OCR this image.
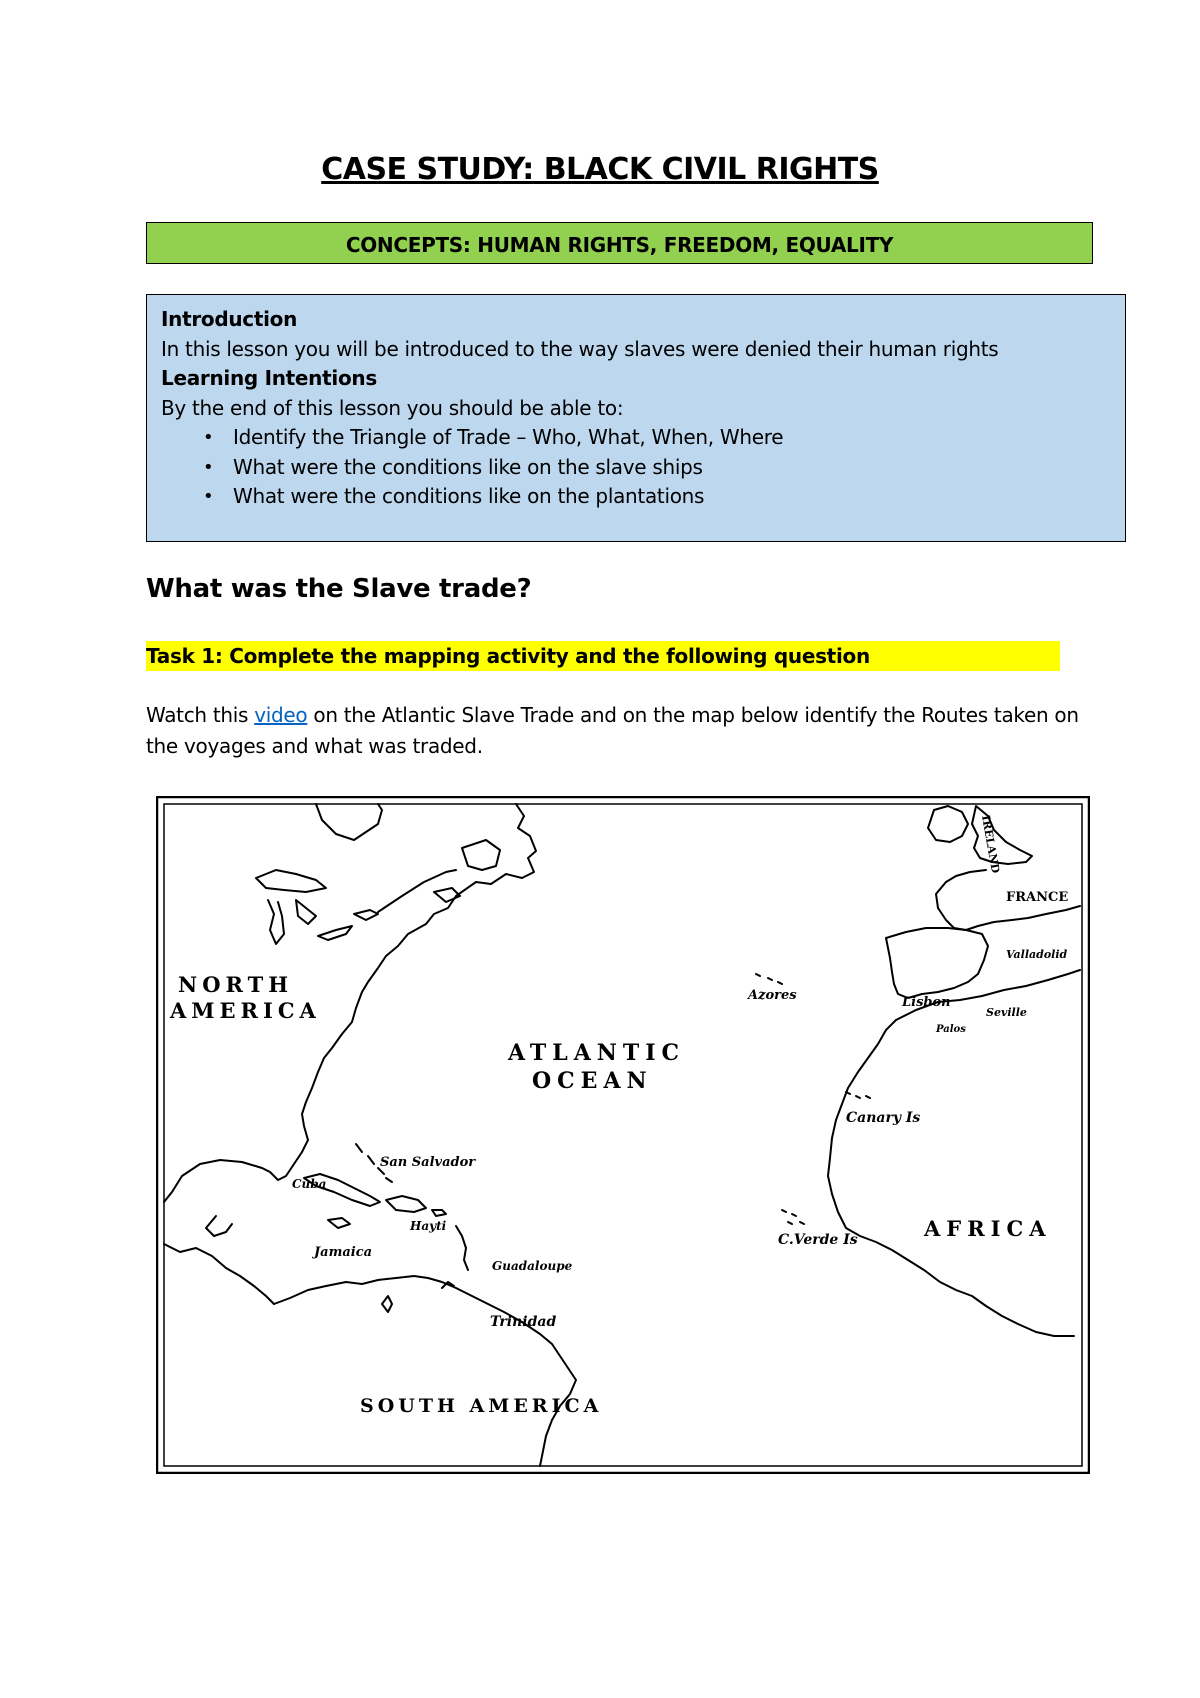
CASE STUDY: BLACK CIVIL RIGHTS
CONCEPTS: HUMAN RIGHTS, FREEDOM, EQUALITY
Introduction
In this lesson you will be introduced to the way slaves were denied their human rights
Learning Intentions
By the end of this lesson you should be able to:
• Identify the Triangle of Trade – Who, What, When, Where
• What were the conditions like on the slave ships
• What were the conditions like on the plantations
What was the Slave trade?
Task 1: Complete the mapping activity and the following question
Watch this video on the Atlantic Slave Trade and on the map below identify the Routes taken on the voyages and what was traded.
NORTH
AMERICA
ATLANTIC
OCEAN
SOUTH AMERICA
AFRICA
FRANCE
IRELAND
Azores	Lisbon
Valladolid
Seville
Palos
Canary Is
C.Verde Is
Cuba
San Salvador
Hayti
Jamaica
Guadaloupe
Trinidad
